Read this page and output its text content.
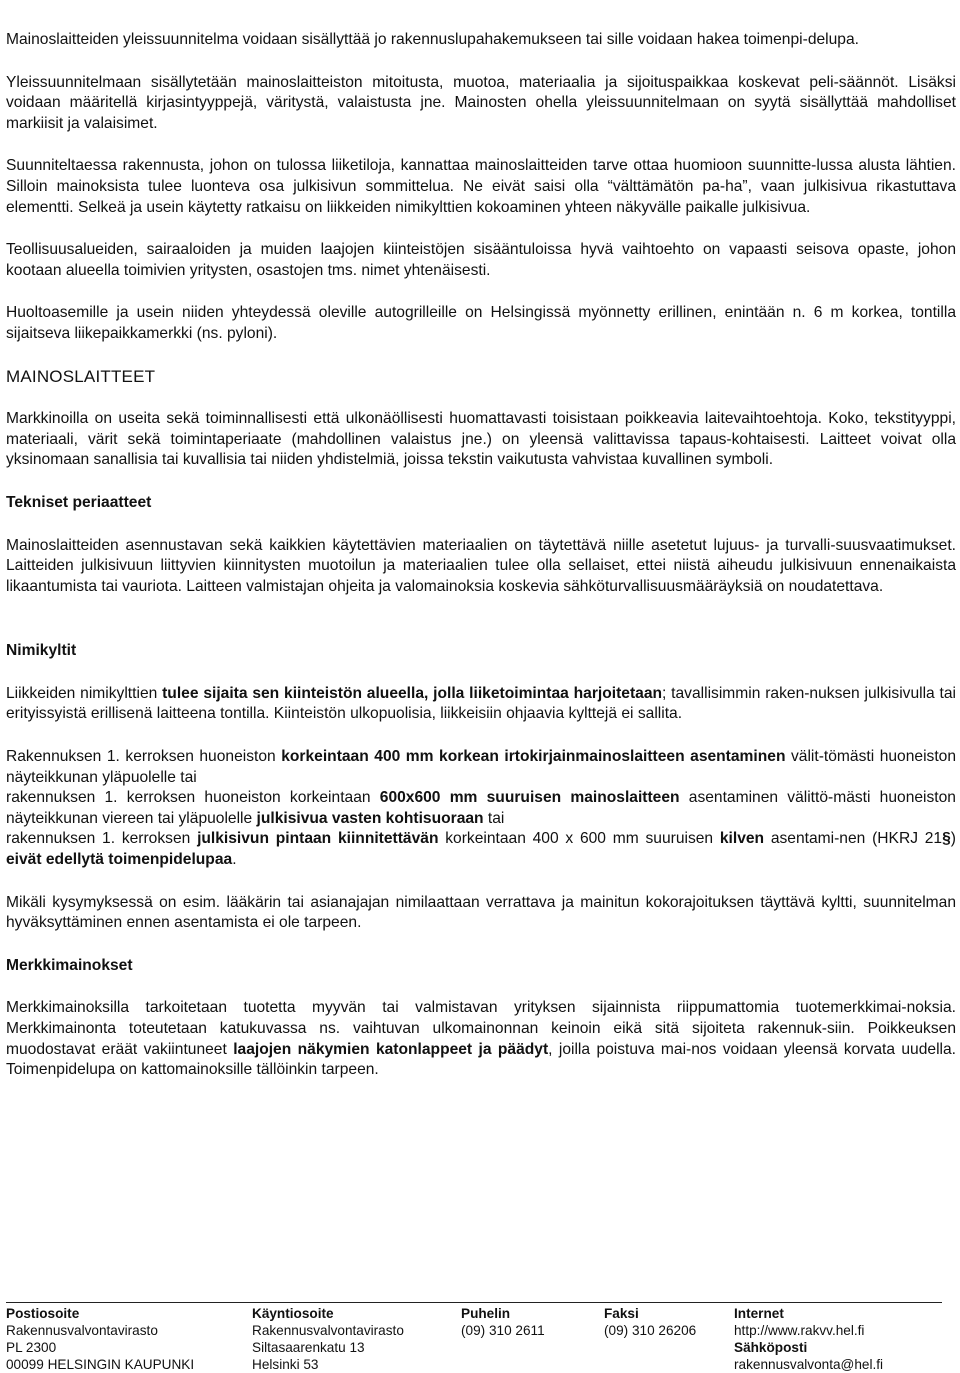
Mainoslaitteiden yleissuunnitelma voidaan sisällyttää jo rakennuslupahakemukseen tai sille voidaan hakea toimenpi-delupa.

Yleissuunnitelmaan sisällytetään mainoslaitteiston mitoitusta, muotoa, materiaalia ja sijoituspaikkaa koskevat peli-säännöt. Lisäksi voidaan määritellä kirjasintyyppejä, väritystä, valaistusta jne. Mainosten ohella yleissuunnitelmaan on syytä sisällyttää mahdolliset markiisit ja valaisimet.

Suunniteltaessa rakennusta, johon on tulossa liiketiloja, kannattaa mainoslaitteiden tarve ottaa huomioon suunnitte-lussa alusta lähtien. Silloin mainoksista tulee luonteva osa julkisivun sommittelua. Ne eivät saisi olla “välttämätön pa-ha”, vaan julkisivua rikastuttava elementti. Selkeä ja usein käytetty ratkaisu on liikkeiden nimikylttien kokoaminen yhteen näkyvälle paikalle julkisivua.

Teollisuusalueiden, sairaaloiden ja muiden laajojen kiinteistöjen sisääntuloissa hyvä vaihtoehto on vapaasti seisova opaste, johon kootaan alueella toimivien yritysten, osastojen tms. nimet yhtenäisesti.

Huoltoasemille ja usein niiden yhteydessä oleville autogrilleille on Helsingissä myönnetty erillinen, enintään n. 6 m korkea, tontilla sijaitseva liikepaikkamerkki (ns. pyloni).

MAINOSLAITTEET

Markkinoilla on useita sekä toiminnallisesti että ulkonäöllisesti huomattavasti toisistaan poikkeavia laitevaihtoehtoja. Koko, tekstityyppi, materiaali, värit sekä toimintaperiaate (mahdollinen valaistus jne.) on yleensä valittavissa tapaus-kohtaisesti. Laitteet voivat olla yksinomaan sanallisia tai kuvallisia tai niiden yhdistelmiä, joissa tekstin vaikutusta vahvistaa kuvallinen symboli.

Tekniset periaatteet

Mainoslaitteiden asennustavan sekä kaikkien käytettävien materiaalien on täytettävä niille asetetut lujuus- ja turvalli-suusvaatimukset. Laitteiden julkisivuun liittyvien kiinnitysten muotoilun ja materiaalien tulee olla sellaiset, ettei niistä aiheudu julkisivuun ennenaikaista likaantumista tai vauriota. Laitteen valmistajan ohjeita ja valomainoksia koskevia sähköturvallisuusmääräyksiä on noudatettava.

Nimikyltit

Liikkeiden nimikylttien tulee sijaita sen kiinteistön alueella, jolla liiketoimintaa harjoitetaan; tavallisimmin raken-nuksen julkisivulla tai erityissyistä erillisenä laitteena tontilla. Kiinteistön ulkopuolisia, liikkeisiin ohjaavia kylttejä ei sallita.

Rakennuksen 1. kerroksen huoneiston korkeintaan 400 mm korkean irtokirjainmainoslaitteen asentaminen välit-tömästi huoneiston näyteikkunan yläpuolelle tai
rakennuksen 1. kerroksen huoneiston korkeintaan 600x600 mm suuruisen mainoslaitteen asentaminen välittö-mästi huoneiston näyteikkunan viereen tai yläpuolelle julkisivua vasten kohtisuoraan tai
rakennuksen 1. kerroksen julkisivun pintaan kiinnitettävän korkeintaan 400 x 600 mm suuruisen kilven asentami-nen (HKRJ 21§) eivät edellytä toimenpidelupaa.

Mikäli kysymyksessä on esim. lääkärin tai asianajajan nimilaattaan verrattava ja mainitun kokorajoituksen täyttävä kyltti, suunnitelman hyväksyttäminen ennen asentamista ei ole tarpeen.

Merkkimainokset

Merkkimainoksilla tarkoitetaan tuotetta myyvän tai valmistavan yrityksen sijainnista riippumattomia tuotemerkkimai-noksia. Merkkimainonta toteutetaan katukuvassa ns. vaihtuvan ulkomainonnan keinoin eikä sitä sijoiteta rakennuk-siin. Poikkeuksen muodostavat eräät vakiintuneet laajojen näkymien katonlappeet ja päädyt, joilla poistuva mai-nos voidaan yleensä korvata uudella. Toimenpidelupa on kattomainoksille tällöinkin tarpeen.

Postiosoite
Rakennusvalvontavirasto
PL 2300
00099 HELSINGIN KAUPUNKI
Käyntiosoite
Rakennusvalvontavirasto
Siltasaarenkatu 13
Helsinki 53
Puhelin
(09) 310 2611
Faksi
(09) 310 26206
Internet
http://www.rakvv.hel.fi
Sähköposti
rakennusvalvonta@hel.fi
